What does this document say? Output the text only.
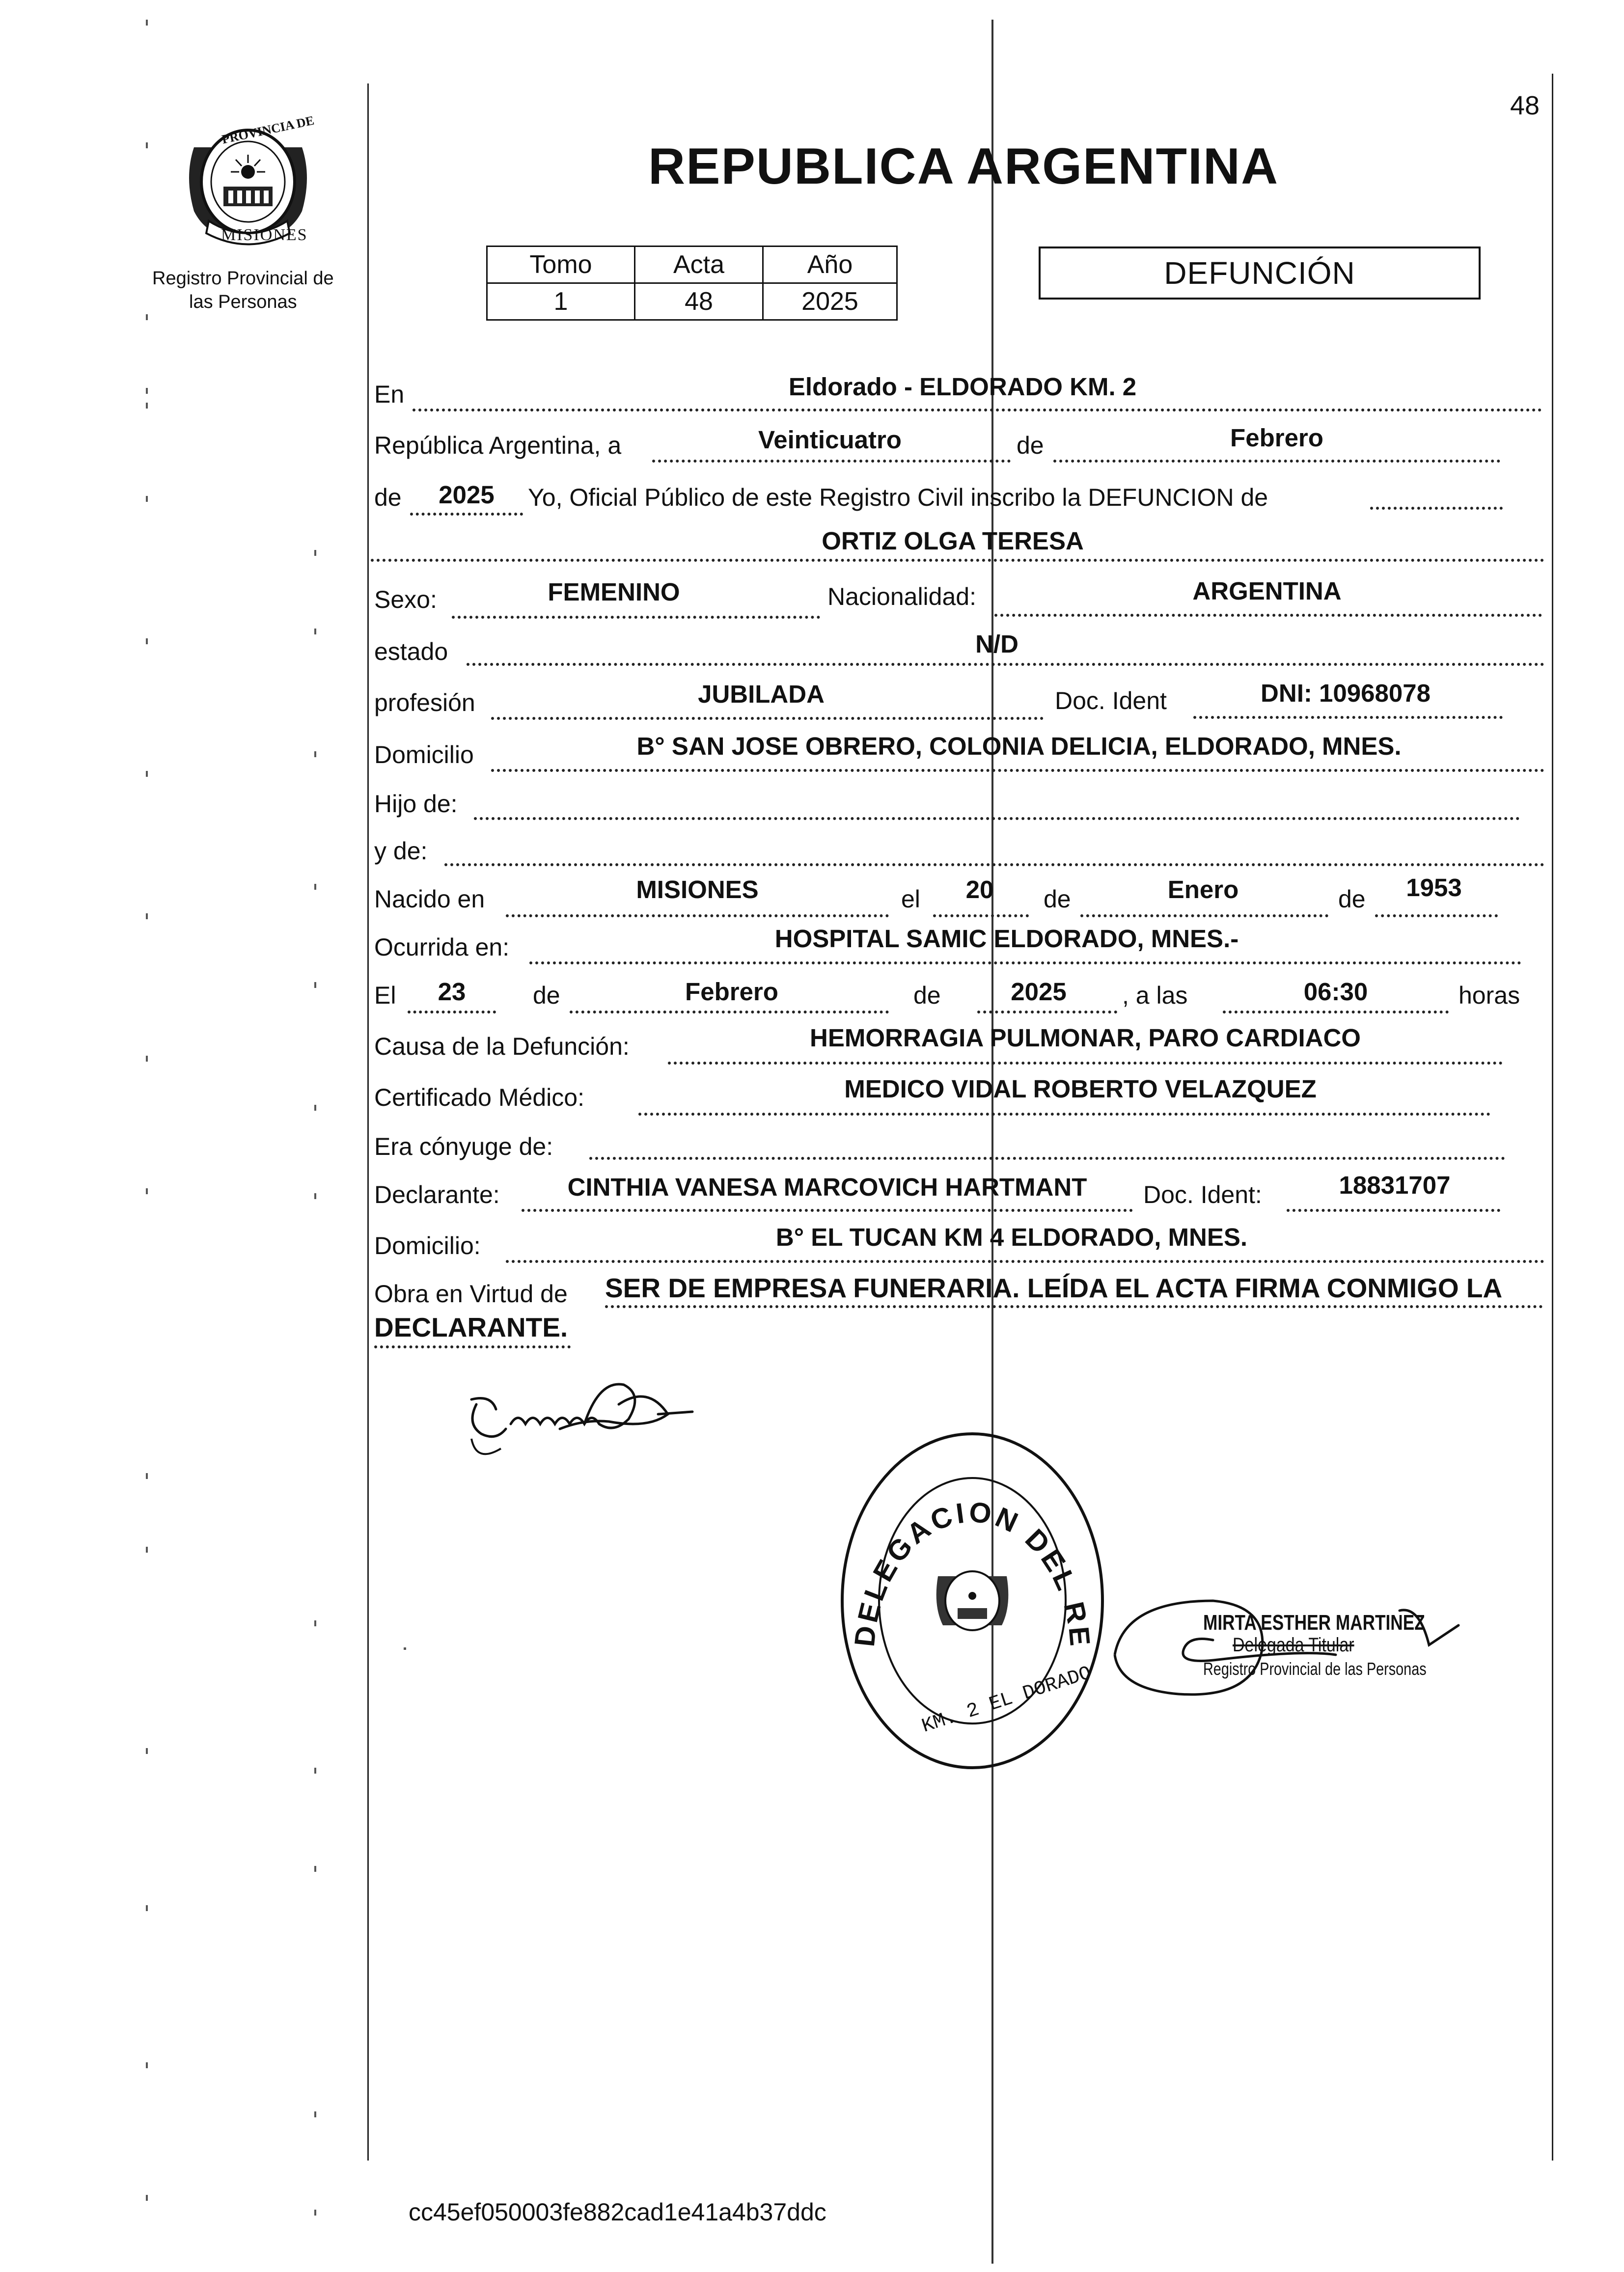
48
PROVINCIA DE
MISIONES
Registro Provincial de
las Personas
REPUBLICA ARGENTINA
Tomo	Acta	Año
1	48	2025
DEFUNCIÓN
En	Eldorado - ELDORADO KM. 2
República Argentina, a	Veinticuatro	de	Febrero
de	2025	Yo, Oficial Público de este Registro Civil inscribo la DEFUNCION de
ORTIZ OLGA TERESA
Sexo:	FEMENINO	Nacionalidad:	ARGENTINA
estado	N/D
profesión	JUBILADA	Doc. Ident	DNI: 10968078
Domicilio	B° SAN JOSE OBRERO, COLONIA DELICIA, ELDORADO, MNES.
Hijo de:
y de:
Nacido en	MISIONES	el	20	de	Enero	de	1953
Ocurrida en:	HOSPITAL SAMIC ELDORADO, MNES.-
El	23	de	Febrero	de	2025	, a las	06:30	horas
Causa de la Defunción:	HEMORRAGIA PULMONAR, PARO CARDIACO
Certificado Médico:	MEDICO VIDAL ROBERTO VELAZQUEZ
Era cónyuge de:
Declarante:	CINTHIA VANESA MARCOVICH HARTMANT	Doc. Ident:	18831707
Domicilio:	B° EL TUCAN KM 4 ELDORADO, MNES.
Obra en Virtud de SER DE EMPRESA FUNERARIA. LEÍDA EL ACTA FIRMA CONMIGO LA
DECLARANTE.
DELEGACION DEL RE
KM. 2 EL DORADO
MIRTA ESTHER MARTINEZ
Delegada Titular
Registro Provincial de las Personas
cc45ef050003fe882cad1e41a4b37ddc
